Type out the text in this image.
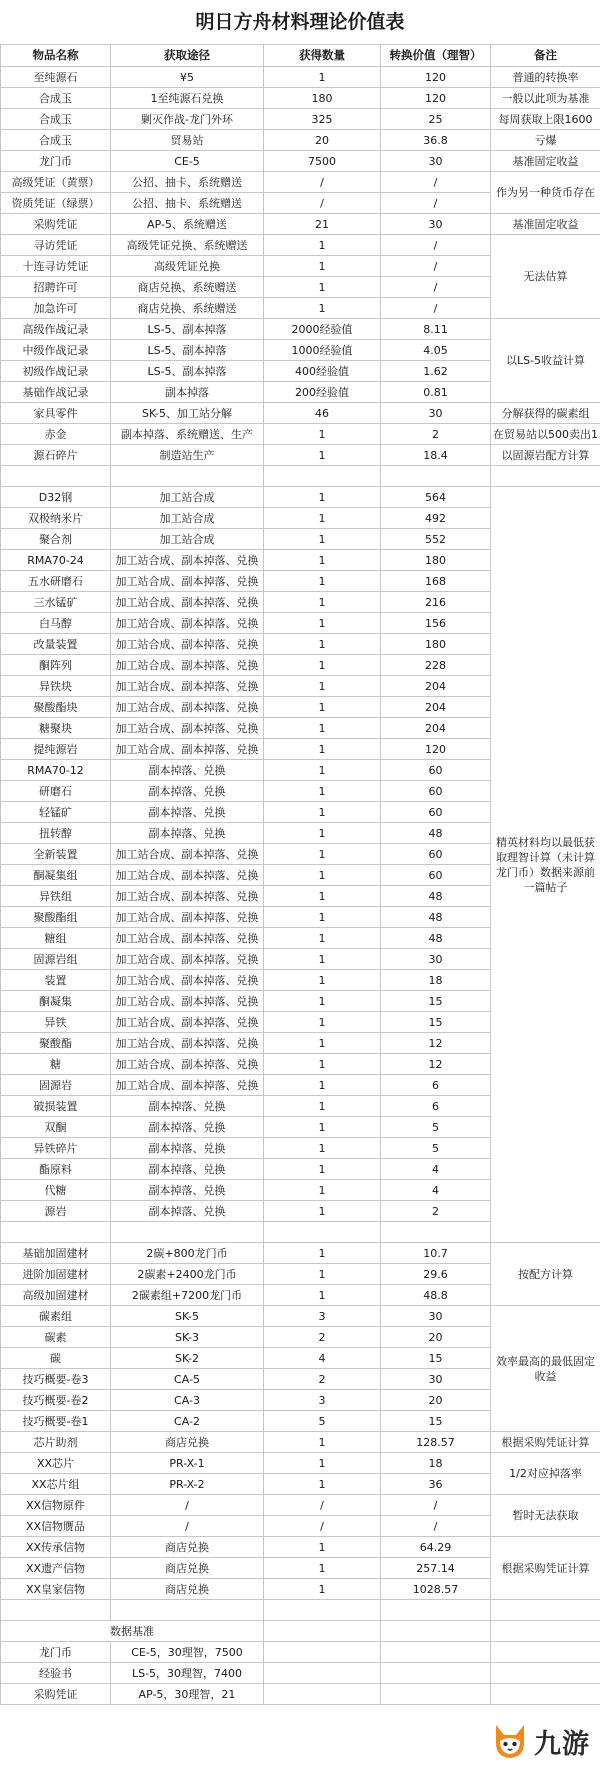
明日方舟材料理论价值表
物品名称	获取途径	获得数量	转换价值（理智）	备注
至纯源石	¥5	1	120	普通的转换率
合成玉	1至纯源石兑换	180	120	一般以此项为基准
合成玉	剿灭作战-龙门外环	325	25	每周获取上限1600
合成玉	贸易站	20	36.8	亏爆
龙门币	CE-5	7500	30	基准固定收益
高级凭证（黄票）	公招、抽卡、系统赠送	/	/	作为另一种货币存在
资质凭证（绿票）	公招、抽卡、系统赠送	/	/	
采购凭证	AP-5、系统赠送	21	30	基准固定收益
寻访凭证	高级凭证兑换、系统赠送	1	/	无法估算
十连寻访凭证	高级凭证兑换	1	/	
招聘许可	商店兑换、系统赠送	1	/	
加急许可	商店兑换、系统赠送	1	/	
高级作战记录	LS-5、副本掉落	2000经验值	8.11	以LS-5收益计算
中级作战记录	LS-5、副本掉落	1000经验值	4.05	
初级作战记录	LS-5、副本掉落	400经验值	1.62	
基础作战记录	副本掉落	200经验值	0.81	
家具零件	SK-5、加工站分解	46	30	分解获得的碳素组
赤金	副本掉落、系统赠送、生产	1	2	在贸易站以500卖出1
源石碎片	制造站生产	1	18.4	以固源岩配方计算

D32钢	加工站合成	1	564	精英材料均以最低获取理智计算（未计算龙门币）数据来源前一篇帖子
双极纳米片	加工站合成	1	492	
聚合剂	加工站合成	1	552	
RMA70-24	加工站合成、副本掉落、兑换	1	180	
五水研磨石	加工站合成、副本掉落、兑换	1	168	
三水锰矿	加工站合成、副本掉落、兑换	1	216	
白马醇	加工站合成、副本掉落、兑换	1	156	
改量装置	加工站合成、副本掉落、兑换	1	180	
酮阵列	加工站合成、副本掉落、兑换	1	228	
异铁块	加工站合成、副本掉落、兑换	1	204	
聚酸酯块	加工站合成、副本掉落、兑换	1	204	
糖聚块	加工站合成、副本掉落、兑换	1	204	
提纯源岩	加工站合成、副本掉落、兑换	1	120	
RMA70-12	副本掉落、兑换	1	60	
研磨石	副本掉落、兑换	1	60	
轻锰矿	副本掉落、兑换	1	60	
扭转醇	副本掉落、兑换	1	48	
全新装置	加工站合成、副本掉落、兑换	1	60	
酮凝集组	加工站合成、副本掉落、兑换	1	60	
异铁组	加工站合成、副本掉落、兑换	1	48	
聚酸酯组	加工站合成、副本掉落、兑换	1	48	
糖组	加工站合成、副本掉落、兑换	1	48	
固源岩组	加工站合成、副本掉落、兑换	1	30	
装置	加工站合成、副本掉落、兑换	1	18	
酮凝集	加工站合成、副本掉落、兑换	1	15	
异铁	加工站合成、副本掉落、兑换	1	15	
聚酸酯	加工站合成、副本掉落、兑换	1	12	
糖	加工站合成、副本掉落、兑换	1	12	
固源岩	加工站合成、副本掉落、兑换	1	6	
破损装置	副本掉落、兑换	1	6	
双酮	副本掉落、兑换	1	5	
异铁碎片	副本掉落、兑换	1	5	
酯原料	副本掉落、兑换	1	4	
代糖	副本掉落、兑换	1	4	
源岩	副本掉落、兑换	1	2	

基础加固建材	2碳+800龙门币	1	10.7	按配方计算
进阶加固建材	2碳素+2400龙门币	1	29.6	
高级加固建材	2碳素组+7200龙门币	1	48.8	
碳素组	SK-5	3	30	效率最高的最低固定收益
碳素	SK-3	2	20	
碳	SK-2	4	15	
技巧概要-卷3	CA-5	2	30	
技巧概要-卷2	CA-3	3	20	
技巧概要-卷1	CA-2	5	15	
芯片助剂	商店兑换	1	128.57	根据采购凭证计算
XX芯片	PR-X-1	1	18	1/2对应掉落率
XX芯片组	PR-X-2	1	36	
XX信物原件	/	/	/	暂时无法获取
XX信物赝品	/	/	/	
XX传承信物	商店兑换	1	64.29	根据采购凭证计算
XX遗产信物	商店兑换	1	257.14	
XX皇家信物	商店兑换	1	1028.57	

数据基准				
龙门币	CE-5，30理智，7500			
经验书	LS-5，30理智，7400			
采购凭证	AP-5，30理智，21			
九游
